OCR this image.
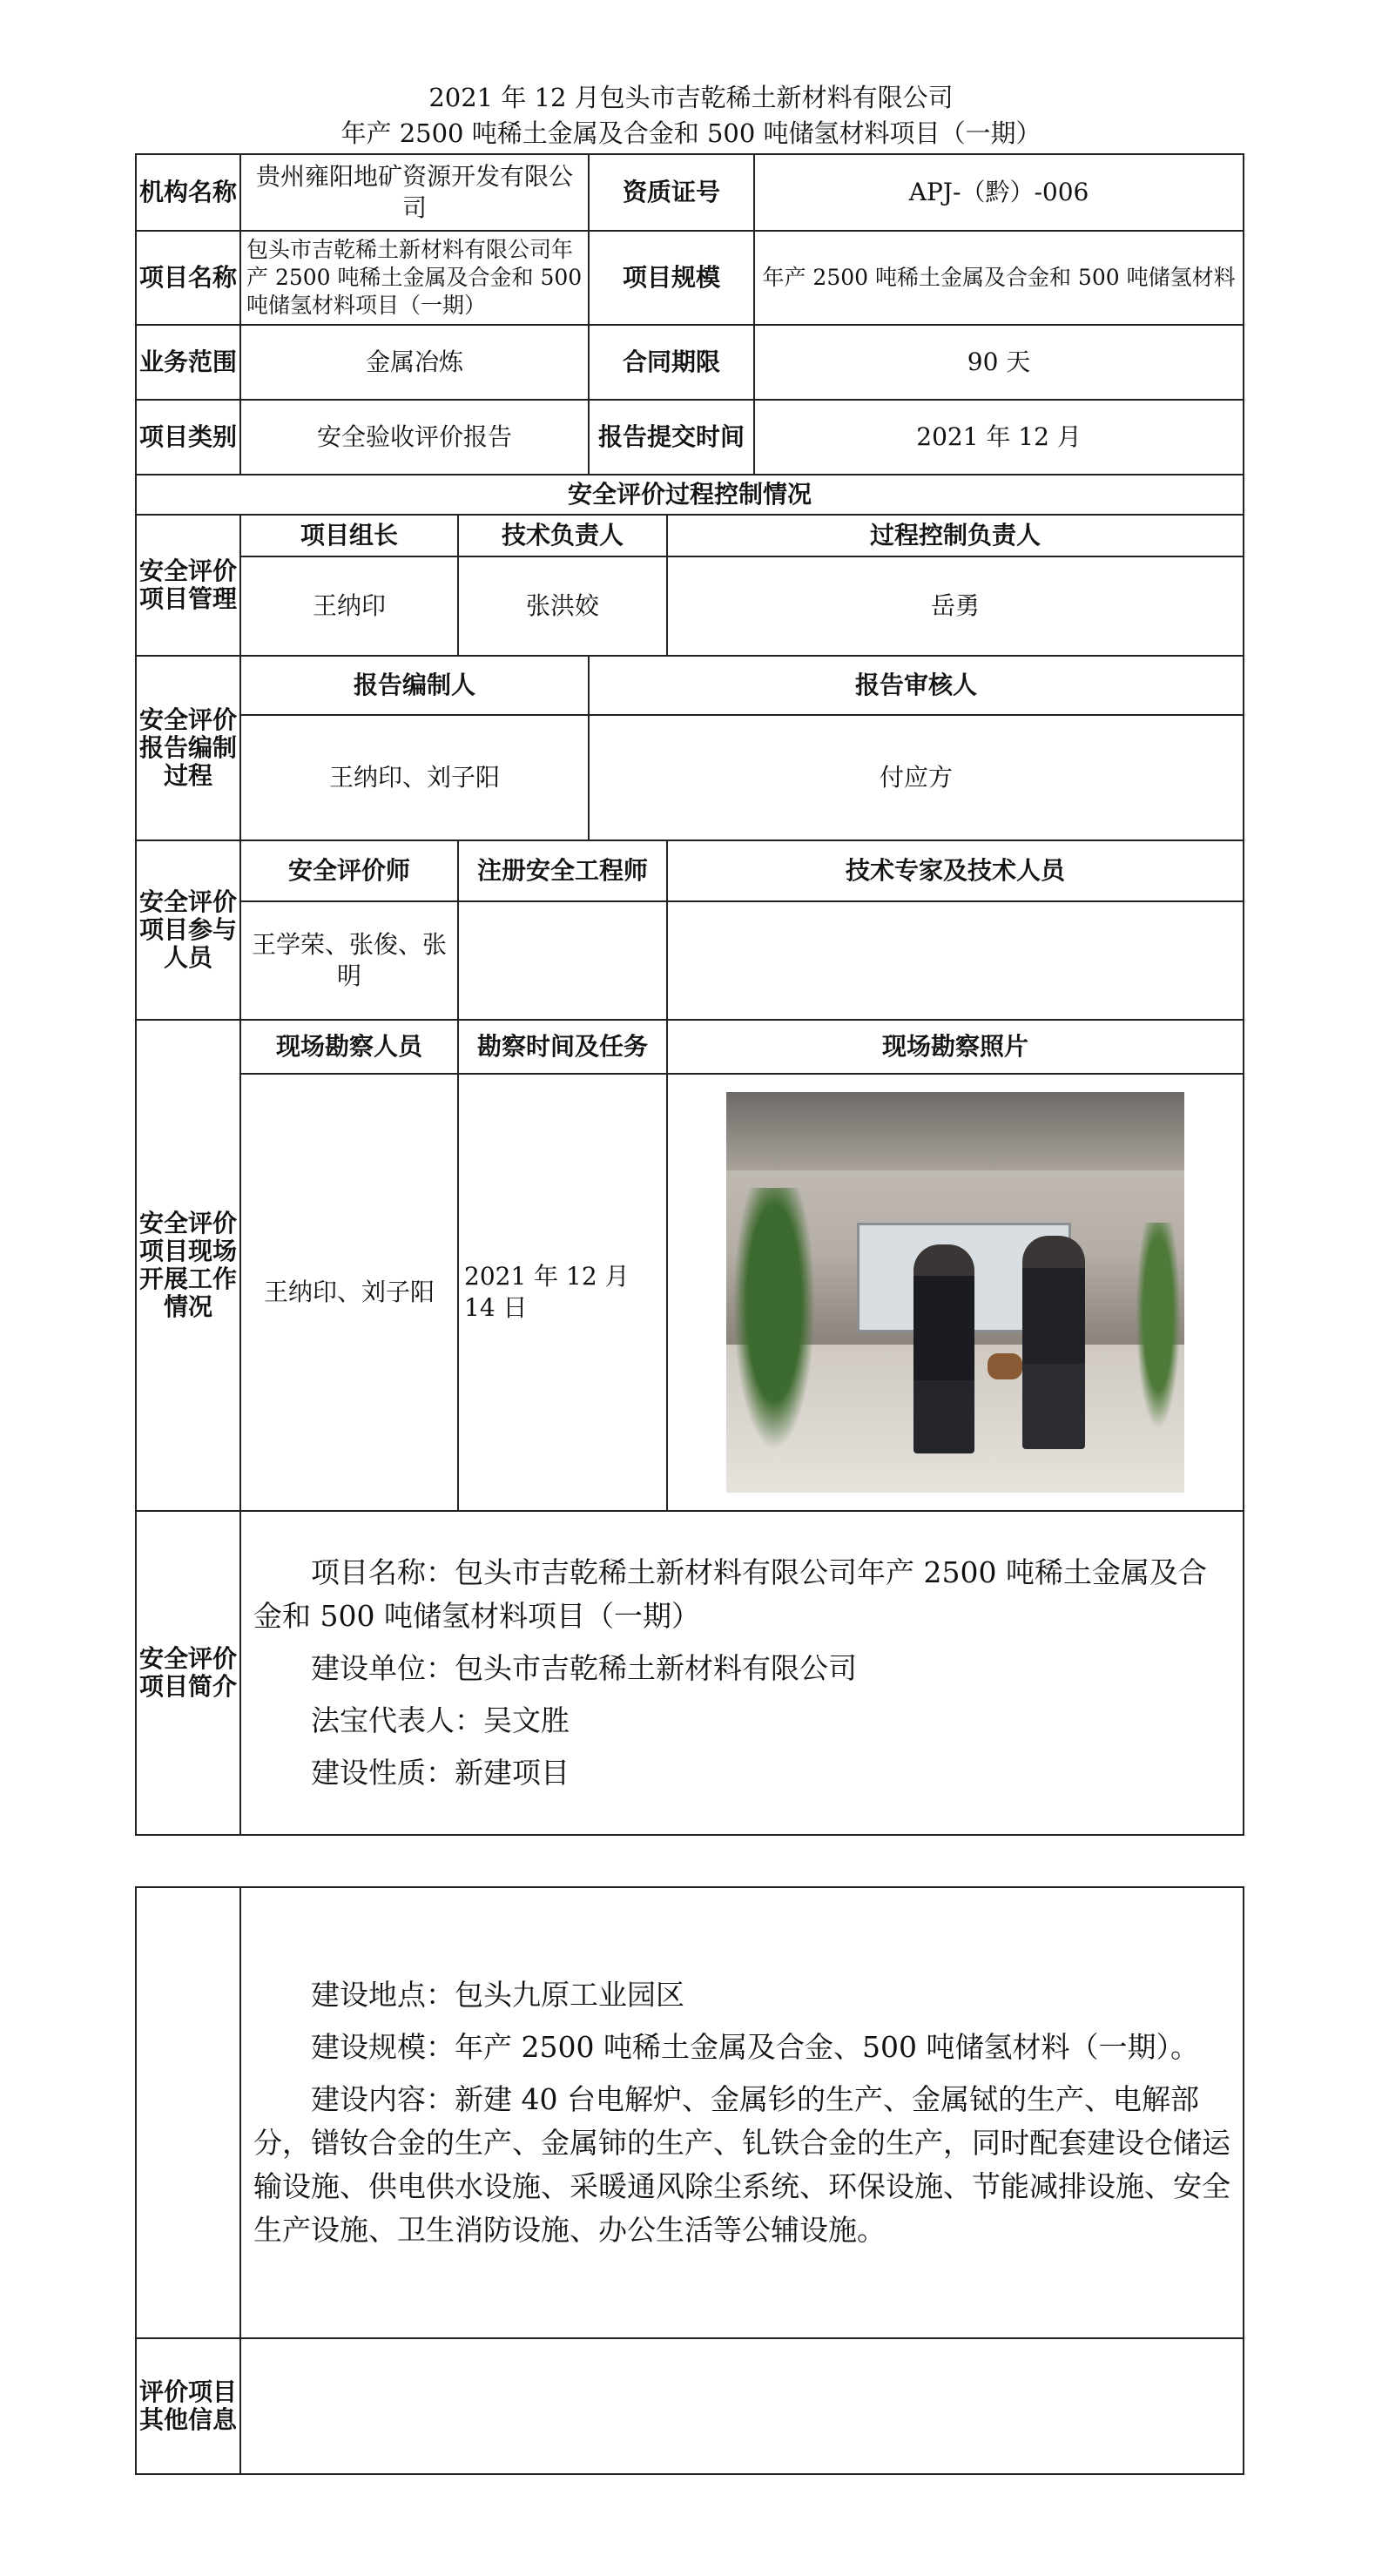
2021 年 12 月包头市吉乾稀土新材料有限公司
年产 2500 吨稀土金属及合金和 500 吨储氢材料项目（一期）
机构名称	贵州雍阳地矿资源开发有限公司		资质证号		APJ-（黔）-006
项目名称	包头市吉乾稀土新材料有限公司年产 2500 吨稀土金属及合金和 500 吨储氢材料项目（一期）		项目规模		年产 2500 吨稀土金属及合金和 500 吨储氢材料
业务范围	金属冶炼		合同期限		90 天
项目类别	安全验收评价报告		报告提交时间		2021 年 12 月
安全评价过程控制情况					
安全评价项目管理	项目组长	技术负责人		过程控制负责人	
	王纳印	张洪姣		岳勇	
安全评价报告编制过程	报告编制人		报告审核人		
	王纳印、刘子阳		付应方		
安全评价项目参与人员	安全评价师	注册安全工程师		技术专家及技术人员	
	王学荣、张俊、张明				
安全评价项目现场开展工作情况	现场勘察人员	勘察时间及任务		现场勘察照片	
	王纳印、刘子阳	2021 年 12 月 14 日			

安全评价项目简介	项目名称：包头市吉乾稀土新材料有限公司年产 2500 吨稀土金属及合金和 500 吨储氢材料项目（一期）
建设单位：包头市吉乾稀土新材料有限公司
法宝代表人：吴文胜
建设性质：新建项目				

	建设地点：包头九原工业园区
建设规模：年产 2500 吨稀土金属及合金、500 吨储氢材料（一期）。
建设内容：新建 40 台电解炉、金属钐的生产、金属铽的生产、电解部分，镨钕合金的生产、金属铈的生产、钆铁合金的生产，同时配套建设仓储运输设施、供电供水设施、采暖通风除尘系统、环保设施、节能减排设施、安全生产设施、卫生消防设施、办公生活等公辅设施。

评价项目其他信息	
